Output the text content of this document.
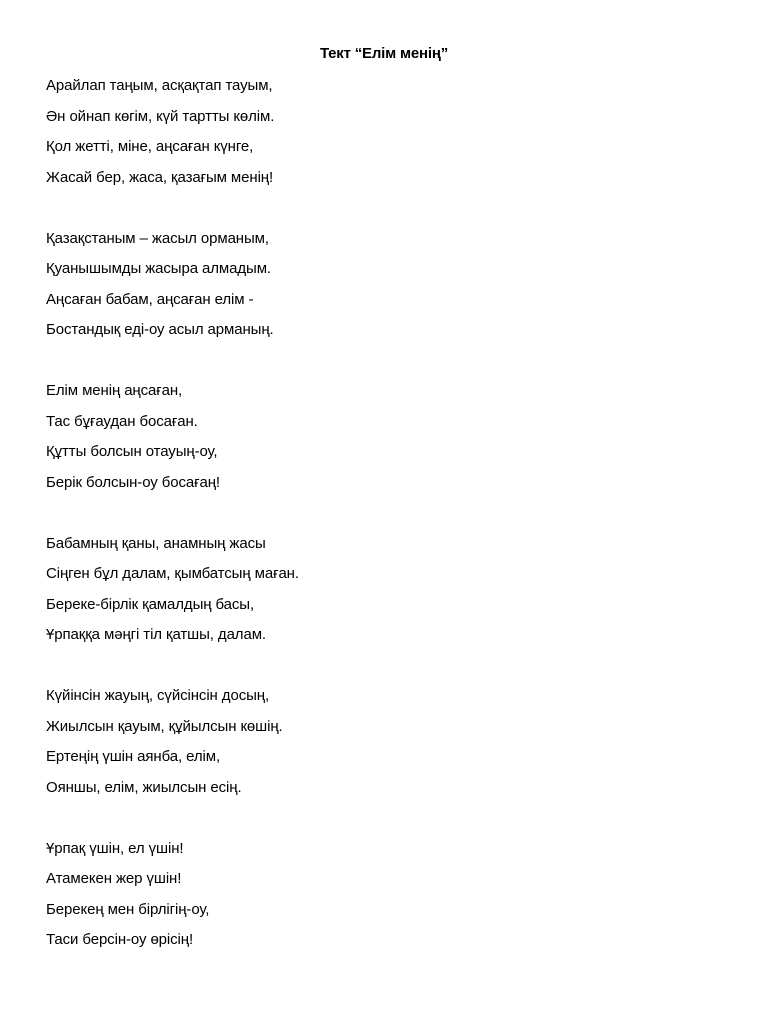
Тект “Елім менің”
Арайлап таңым, асқақтап тауым,
Ән ойнап көгім, күй тартты көлім.
Қол жетті, міне, аңсаған күнге,
Жасай бер, жаса, қазағым менің!
Қазақстаным – жасыл орманым,
Қуанышымды жасыра алмадым.
Аңсаған бабам, аңсаған елім -
Бостандық еді-оу асыл арманың.
Елім менің аңсаған,
Тас бұғаудан босаған.
Құтты болсын отауың-оу,
Берік болсын-оу босағаң!
Бабамның қаны, анамның жасы
Сіңген бұл далам, қымбатсың маған.
Береке-бірлік қамалдың басы,
Ұрпаққа мәңгі тіл қатшы, далам.
Күйінсін жауың, сүйсінсін досың,
Жиылсын қауым, құйылсын көшің.
Ертеңің үшін аянба, елім,
Ояншы, елім, жиылсын есің.
Ұрпақ үшін, ел үшін!
Атамекен жер үшін!
Берекең мен бірлігің-оу,
Таси берсін-оу өрісің!
